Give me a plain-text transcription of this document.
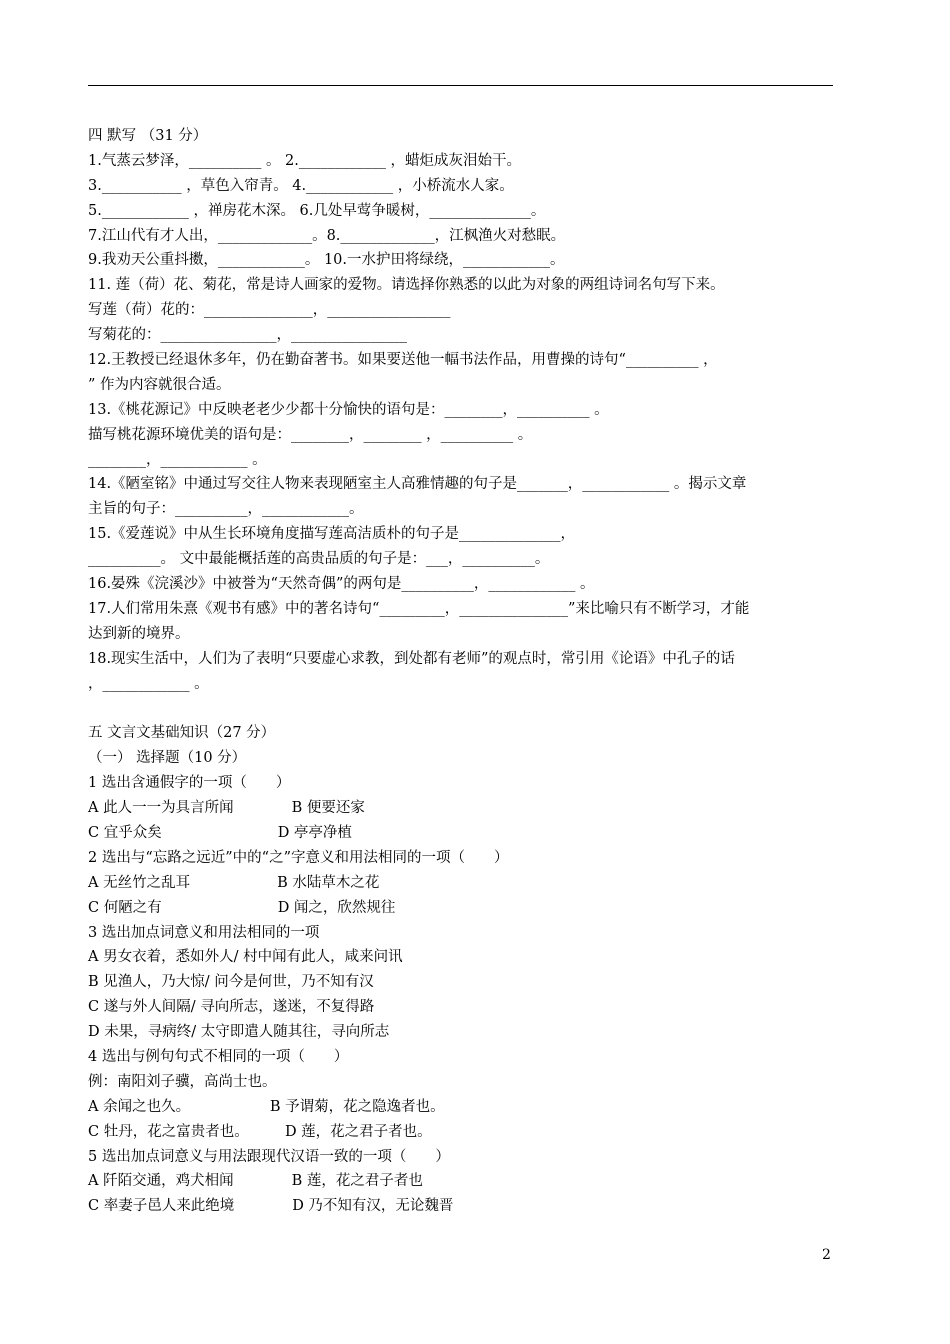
四 默写 （31 分）
1.气蒸云梦泽，__________ 。 2.____________ ，蜡炬成灰泪始干。
3.___________ ，草色入帘青。 4.____________ ，小桥流水人家。
5.____________ ，禅房花木深。 6.几处早莺争暖树，______________。
7.江山代有才人出，_____________。8._____________，江枫渔火对愁眠。
9.我劝天公重抖擞，____________。 10.一水护田将绿绕，____________。
11. 莲（荷）花、菊花，常是诗人画家的爱物。请选择你熟悉的以此为对象的两组诗词名句写下来。
写莲（荷）花的：_______________，_________________
写菊花的：________________，________________
12.王教授已经退休多年，仍在勤奋著书。如果要送他一幅书法作品，用曹操的诗句“__________ ，
” 作为内容就很合适。
13.《桃花源记》中反映老老少少都十分愉快的语句是：________，__________ 。
描写桃花源环境优美的语句是：________，________ ，__________ 。
________，____________ 。
14.《陋室铭》中通过写交往人物来表现陋室主人高雅情趣的句子是_______，____________ 。揭示文章
主旨的句子：__________，____________。
15.《爱莲说》中从生长环境角度描写莲高洁质朴的句子是______________，
__________。 文中最能概括莲的高贵品质的句子是：___，__________。
16.晏殊《浣溪沙》中被誉为“天然奇偶”的两句是__________，____________ 。
17.人们常用朱熹《观书有感》中的著名诗句“_________，_______________”来比喻只有不断学习，才能
达到新的境界。
18.现实生活中，人们为了表明“只要虚心求教，到处都有老师”的观点时，常引用《论语》中孔子的话
，____________ 。
五 文言文基础知识（27 分）
（一） 选择题（10 分）
1 选出含通假字的一项（　　）
A 此人一一为具言所闻　　　　B 便要还家
C 宜乎众矣　　　　　　　　D 亭亭净植
2 选出与“忘路之远近”中的“之”字意义和用法相同的一项（　　）
A 无丝竹之乱耳　　　　　　B 水陆草木之花
C 何陋之有　　　　　　　　D 闻之，欣然规往
3 选出加点词意义和用法相同的一项
A 男女衣着，悉如外人/ 村中闻有此人，咸来问讯
B 见渔人，乃大惊/ 问今是何世，乃不知有汉
C 遂与外人间隔/ 寻向所志，遂迷，不复得路
D 未果，寻病终/ 太守即遣人随其往，寻向所志
4 选出与例句句式不相同的一项（　　）
例：南阳刘子骥，高尚士也。
A 余闻之也久。　　　　　　B 予谓菊，花之隐逸者也。
C 牡丹，花之富贵者也。　　　D 莲，花之君子者也。
5 选出加点词意义与用法跟现代汉语一致的一项（　　）
A 阡陌交通，鸡犬相闻　　　　B 莲，花之君子者也
C 率妻子邑人来此绝境　　　　D 乃不知有汉，无论魏晋
2
